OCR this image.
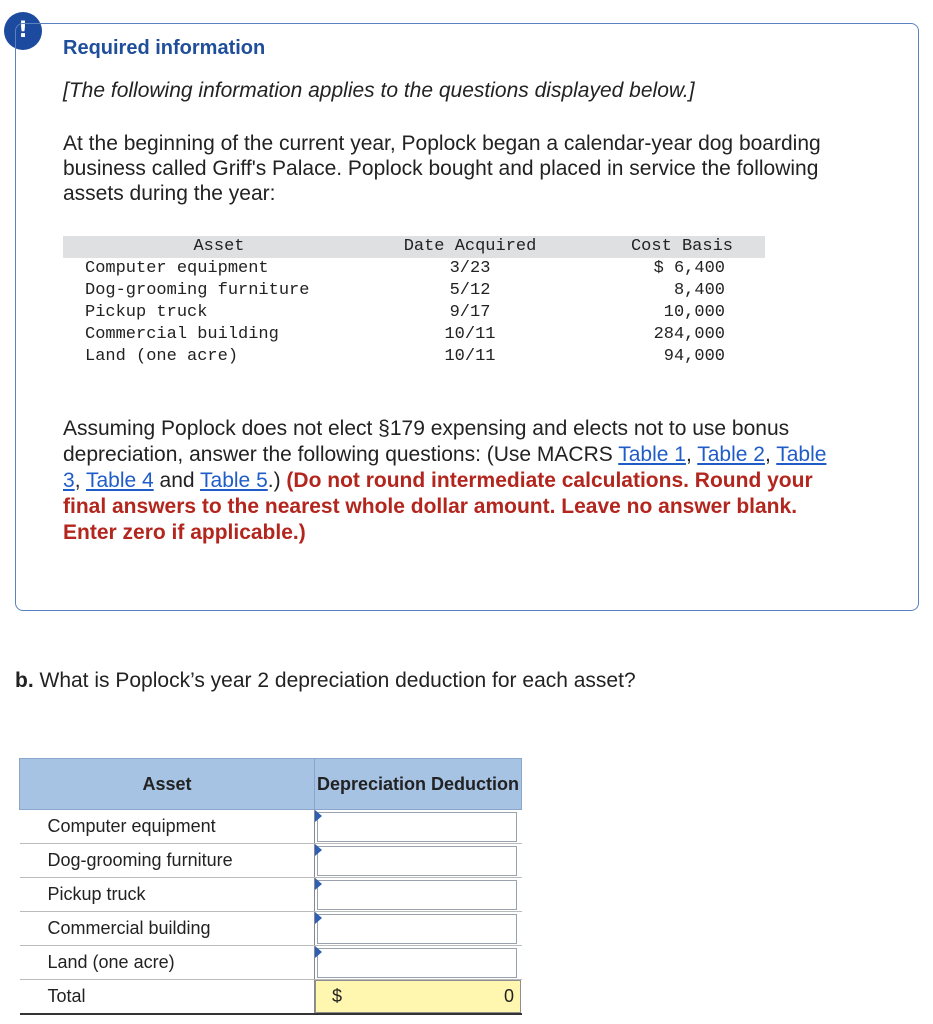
!
Required information
[The following information applies to the questions displayed below.]
At the beginning of the current year, Poplock began a calendar-year dog boarding business called Griff's Palace. Poplock bought and placed in service the following assets during the year:
Asset	Date Acquired	Cost Basis
Computer equipment	3/23	$ 6,400
Dog-grooming furniture	5/12	8,400
Pickup truck	9/17	10,000
Commercial building	10/11	284,000
Land (one acre)	10/11	94,000
Assuming Poplock does not elect §179 expensing and elects not to use bonus depreciation, answer the following questions: (Use MACRS Table 1, Table 2, Table 3, Table 4 and Table 5.) (Do not round intermediate calculations. Round your final answers to the nearest whole dollar amount. Leave no answer blank. Enter zero if applicable.)
b. What is Poplock’s year 2 depreciation deduction for each asset?
Asset	Depreciation Deduction
Computer equipment	

Dog-grooming furniture	

Pickup truck	

Commercial building	

Land (one acre)	

Total	$ 0
